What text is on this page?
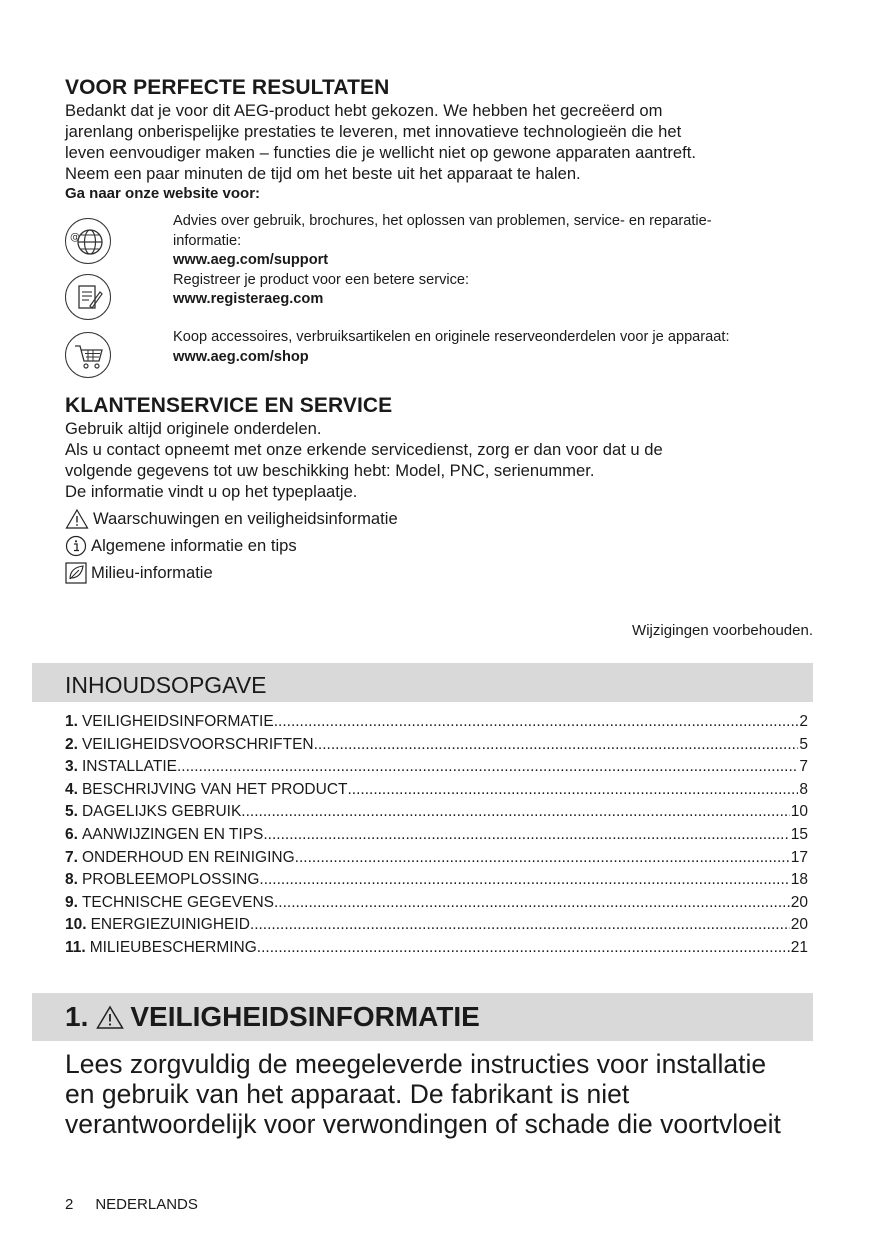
VOOR PERFECTE RESULTATEN
Bedankt dat je voor dit AEG-product hebt gekozen. We hebben het gecreëerd om
jarenlang onberispelijke prestaties te leveren, met innovatieve technologieën die het
leven eenvoudiger maken – functies die je wellicht niet op gewone apparaten aantreft.
Neem een paar minuten de tijd om het beste uit het apparaat te halen.
Ga naar onze website voor:
@
Advies over gebruik, brochures, het oplossen van problemen, service- en reparatie-
informatie:
www.aeg.com/support
Registreer je product voor een betere service:
www.registeraeg.com
Koop accessoires, verbruiksartikelen en originele reserveonderdelen voor je apparaat:
www.aeg.com/shop
KLANTENSERVICE EN SERVICE
Gebruik altijd originele onderdelen.
Als u contact opneemt met onze erkende servicedienst, zorg er dan voor dat u de
volgende gegevens tot uw beschikking hebt: Model, PNC, serienummer.
De informatie vindt u op het typeplaatje.
Waarschuwingen en veiligheidsinformatie
Algemene informatie en tips
Milieu-informatie
Wijzigingen voorbehouden.
1. VEILIGHEIDSINFORMATIE .....	2
2. VEILIGHEIDSVOORSCHRIFTEN .....	5
3. INSTALLATIE .....	7
4. BESCHRIJVING VAN HET PRODUCT .....	8
5. DAGELIJKS GEBRUIK .....	10
6. AANWIJZINGEN EN TIPS .....	15
7. ONDERHOUD EN REINIGING .....	17
8. PROBLEEMOPLOSSING .....	18
9. TECHNISCHE GEGEVENS .....	20
10. ENERGIEZUINIGHEID .....	20
11. MILIEUBESCHERMING .....	21
Lees zorgvuldig de meegeleverde instructies voor installatie
en gebruik van het apparaat. De fabrikant is niet
verantwoordelijk voor verwondingen of schade die voortvloeit
2 NEDERLANDS
INHOUDSOPGAVE
1. VEILIGHEIDSINFORMATIE
